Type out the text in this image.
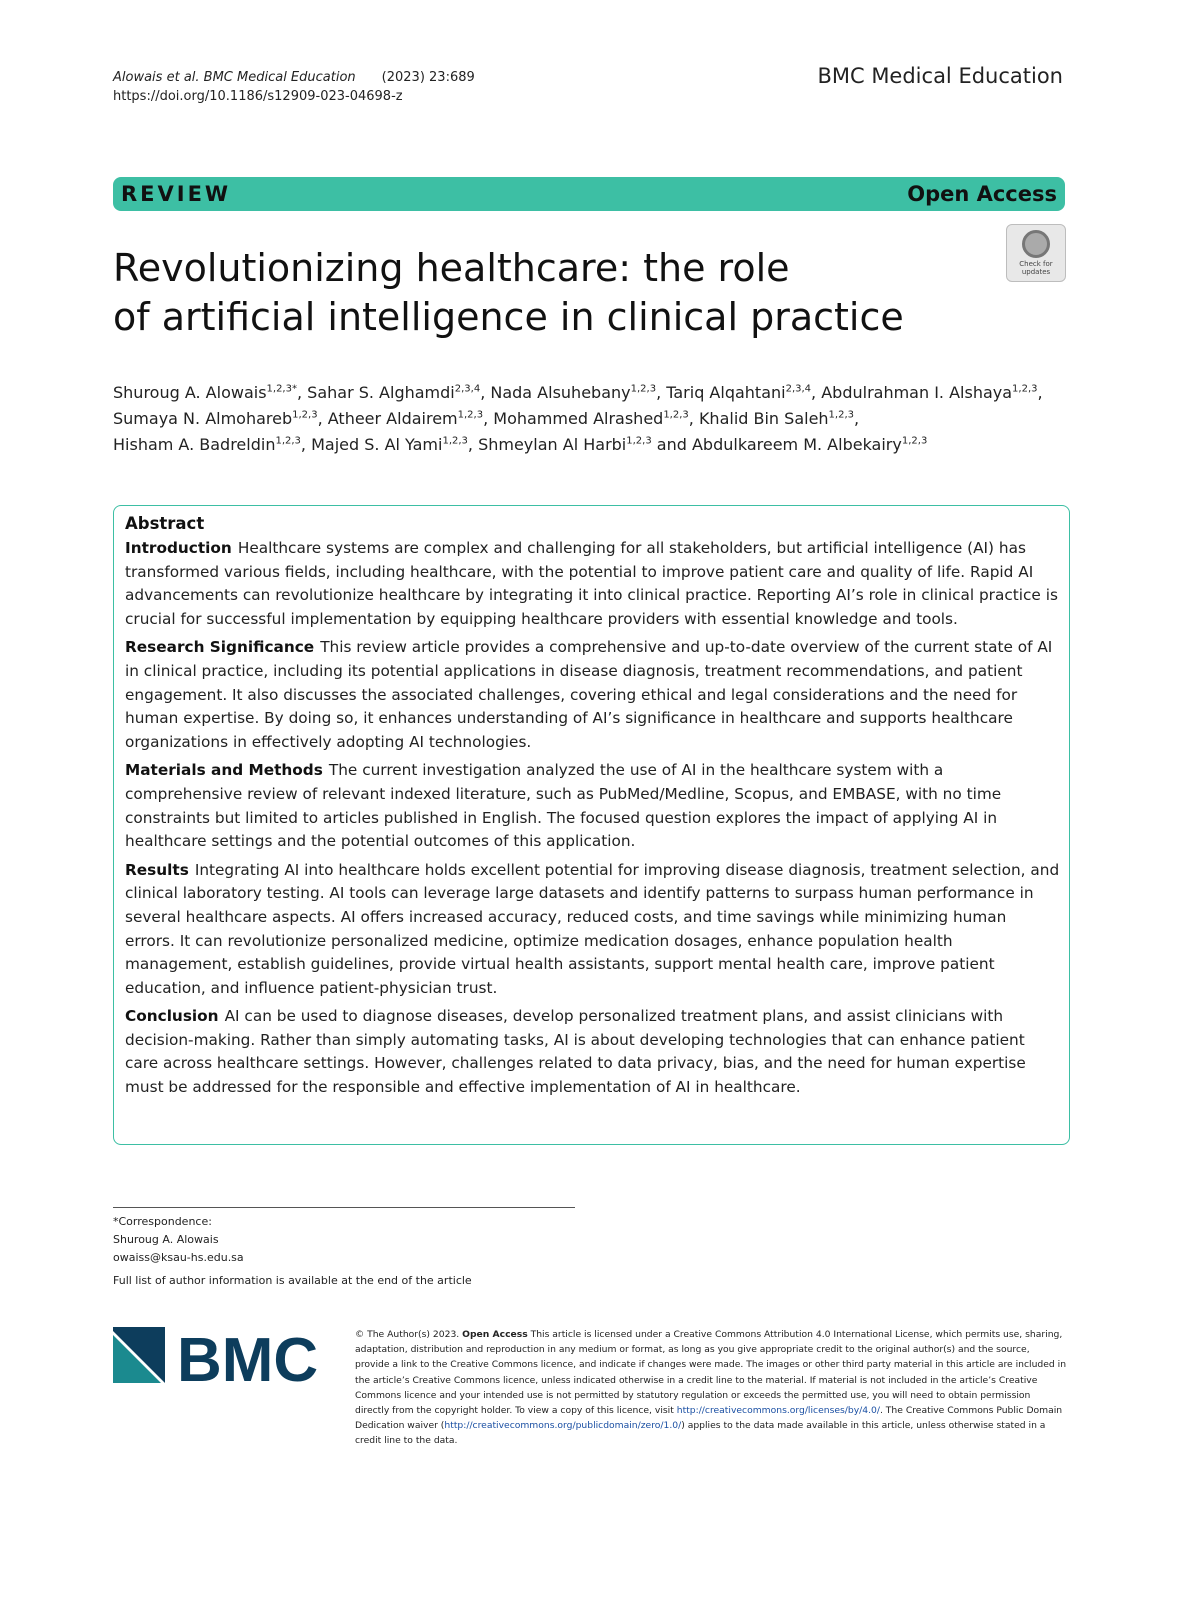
Alowais et al. BMC Medical Education (2023) 23:689
https://doi.org/10.1186/s12909-023-04698-z
BMC Medical Education
REVIEW	Open Access
Check for updates
Revolutionizing healthcare: the role
of artificial intelligence in clinical practice
Shuroug A. Alowais$^{1,2,3*}$, Sahar S. Alghamdi$^{2,3,4}$, Nada Alsuhebany$^{1,2,3}$, Tariq Alqahtani$^{2,3,4}$, Abdulrahman I. Alshaya$^{1,2,3}$,
Sumaya N. Almohareb$^{1,2,3}$, Atheer Aldairem$^{1,2,3}$, Mohammed Alrashed$^{1,2,3}$, Khalid Bin Saleh$^{1,2,3}$,
Hisham A. Badreldin$^{1,2,3}$, Majed S. Al Yami$^{1,2,3}$, Shmeylan Al Harbi$^{1,2,3}$ and Abdulkareem M. Albekairy$^{1,2,3}$
Abstract

Introduction Healthcare systems are complex and challenging for all stakeholders, but artificial intelligence (AI) has transformed various fields, including healthcare, with the potential to improve patient care and quality of life. Rapid AI advancements can revolutionize healthcare by integrating it into clinical practice. Reporting AI’s role in clinical practice is crucial for successful implementation by equipping healthcare providers with essential knowledge and tools.

Research Significance This review article provides a comprehensive and up-to-date overview of the current state of AI in clinical practice, including its potential applications in disease diagnosis, treatment recommendations, and patient engagement. It also discusses the associated challenges, covering ethical and legal considerations and the need for human expertise. By doing so, it enhances understanding of AI’s significance in healthcare and supports healthcare organizations in effectively adopting AI technologies.

Materials and Methods The current investigation analyzed the use of AI in the healthcare system with a comprehensive review of relevant indexed literature, such as PubMed/Medline, Scopus, and EMBASE, with no time constraints but limited to articles published in English. The focused question explores the impact of applying AI in healthcare settings and the potential outcomes of this application.

Results Integrating AI into healthcare holds excellent potential for improving disease diagnosis, treatment selection, and clinical laboratory testing. AI tools can leverage large datasets and identify patterns to surpass human performance in several healthcare aspects. AI offers increased accuracy, reduced costs, and time savings while minimizing human errors. It can revolutionize personalized medicine, optimize medication dosages, enhance population health management, establish guidelines, provide virtual health assistants, support mental health care, improve patient education, and influence patient-physician trust.

Conclusion AI can be used to diagnose diseases, develop personalized treatment plans, and assist clinicians with decision-making. Rather than simply automating tasks, AI is about developing technologies that can enhance patient care across healthcare settings. However, challenges related to data privacy, bias, and the need for human expertise must be addressed for the responsible and effective implementation of AI in healthcare.

*Correspondence:
Shuroug A. Alowais
owaiss@ksau-hs.edu.sa
Full list of author information is available at the end of the article
BMC	© The Author(s) 2023. Open Access This article is licensed under a Creative Commons Attribution 4.0 International License, which permits use, sharing, adaptation, distribution and reproduction in any medium or format, as long as you give appropriate credit to the original author(s) and the source, provide a link to the Creative Commons licence, and indicate if changes were made. The images or other third party material in this article are included in the article’s Creative Commons licence, unless indicated otherwise in a credit line to the material. If material is not included in the article’s Creative Commons licence and your intended use is not permitted by statutory regulation or exceeds the permitted use, you will need to obtain permission directly from the copyright holder. To view a copy of this licence, visit http://creativecommons.org/licenses/by/4.0/. The Creative Commons Public Domain Dedication waiver (http://creativecommons.org/publicdomain/zero/1.0/) applies to the data made available in this article, unless otherwise stated in a credit line to the data.
